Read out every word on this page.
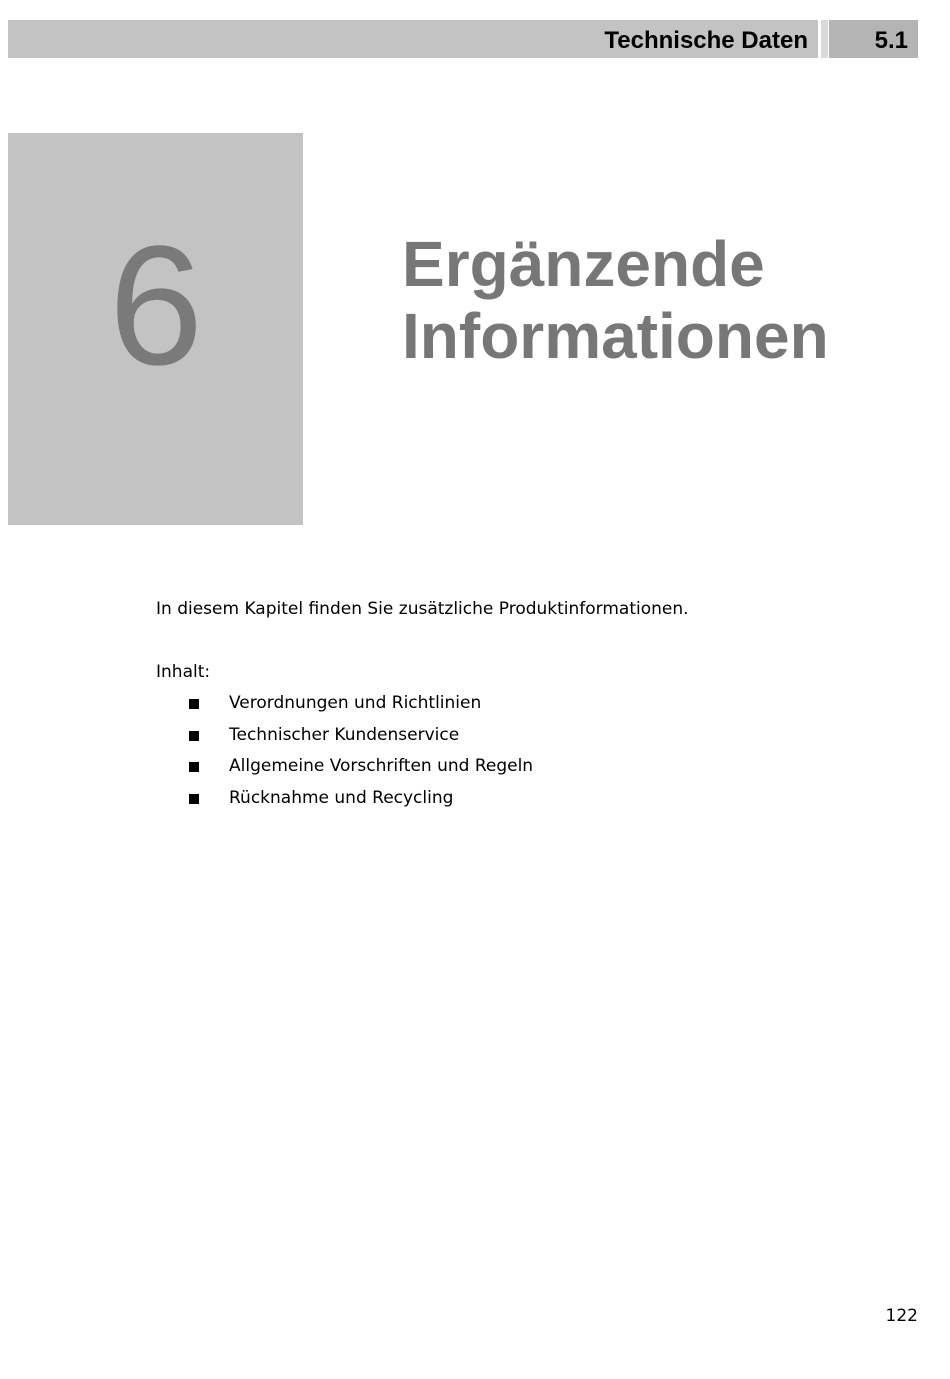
Technische Daten	5.1
6	Ergänzende
Informationen
In diesem Kapitel finden Sie zusätzliche Produktinformationen.
Inhalt:
Verordnungen und Richtlinien
Technischer Kundenservice
Allgemeine Vorschriften und Regeln
Rücknahme und Recycling
122
